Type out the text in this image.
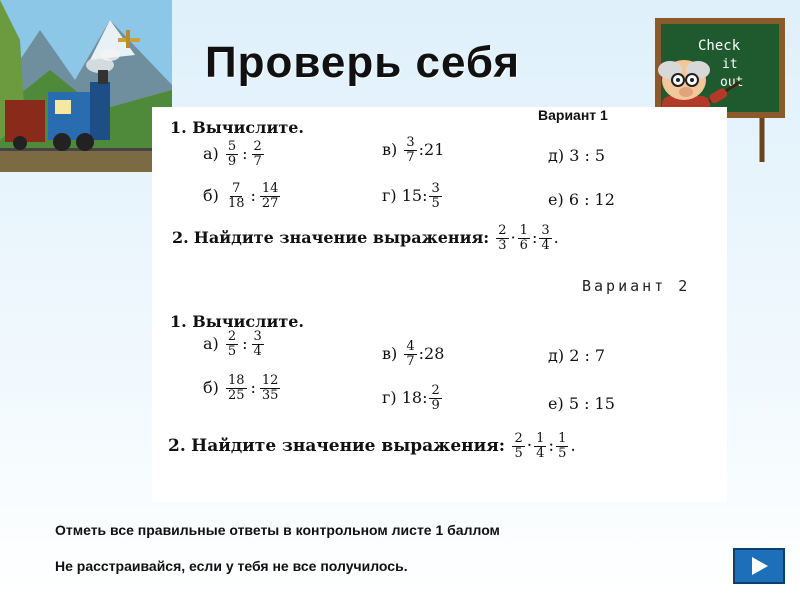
Проверь себя	Check
it
out
Вариант 1
1. Вычислите.
$а) \frac{5}{9}$ : $\frac{2}{7}$	$в) \frac{3}{7}$ :21	д) 3 : 5
$б) \frac{7}{18}$ : $\frac{14}{27}$	г) 15: $\frac{3}{5}$	е) 6 : 12
2. Найдите значение выражения: $\frac{2}{3} \cdot \frac{1}{6}$ : $\frac{3}{4}$ .
Вариант 2
1. Вычислите.
$а) \frac{2}{5}$ : $\frac{3}{4}$	$в) \frac{4}{7}$ :28	д) 2 : 7
$б) \frac{18}{25}$ : $\frac{12}{35}$	г) 18: $\frac{2}{9}$	е) 5 : 15
2. Найдите значение выражения: $\frac{2}{5} \cdot \frac{1}{4}$ : $\frac{1}{5}$ .
Отметь все правильные ответы в контрольном листе 1 баллом
Не расстраивайся, если у тебя не все получилось.
